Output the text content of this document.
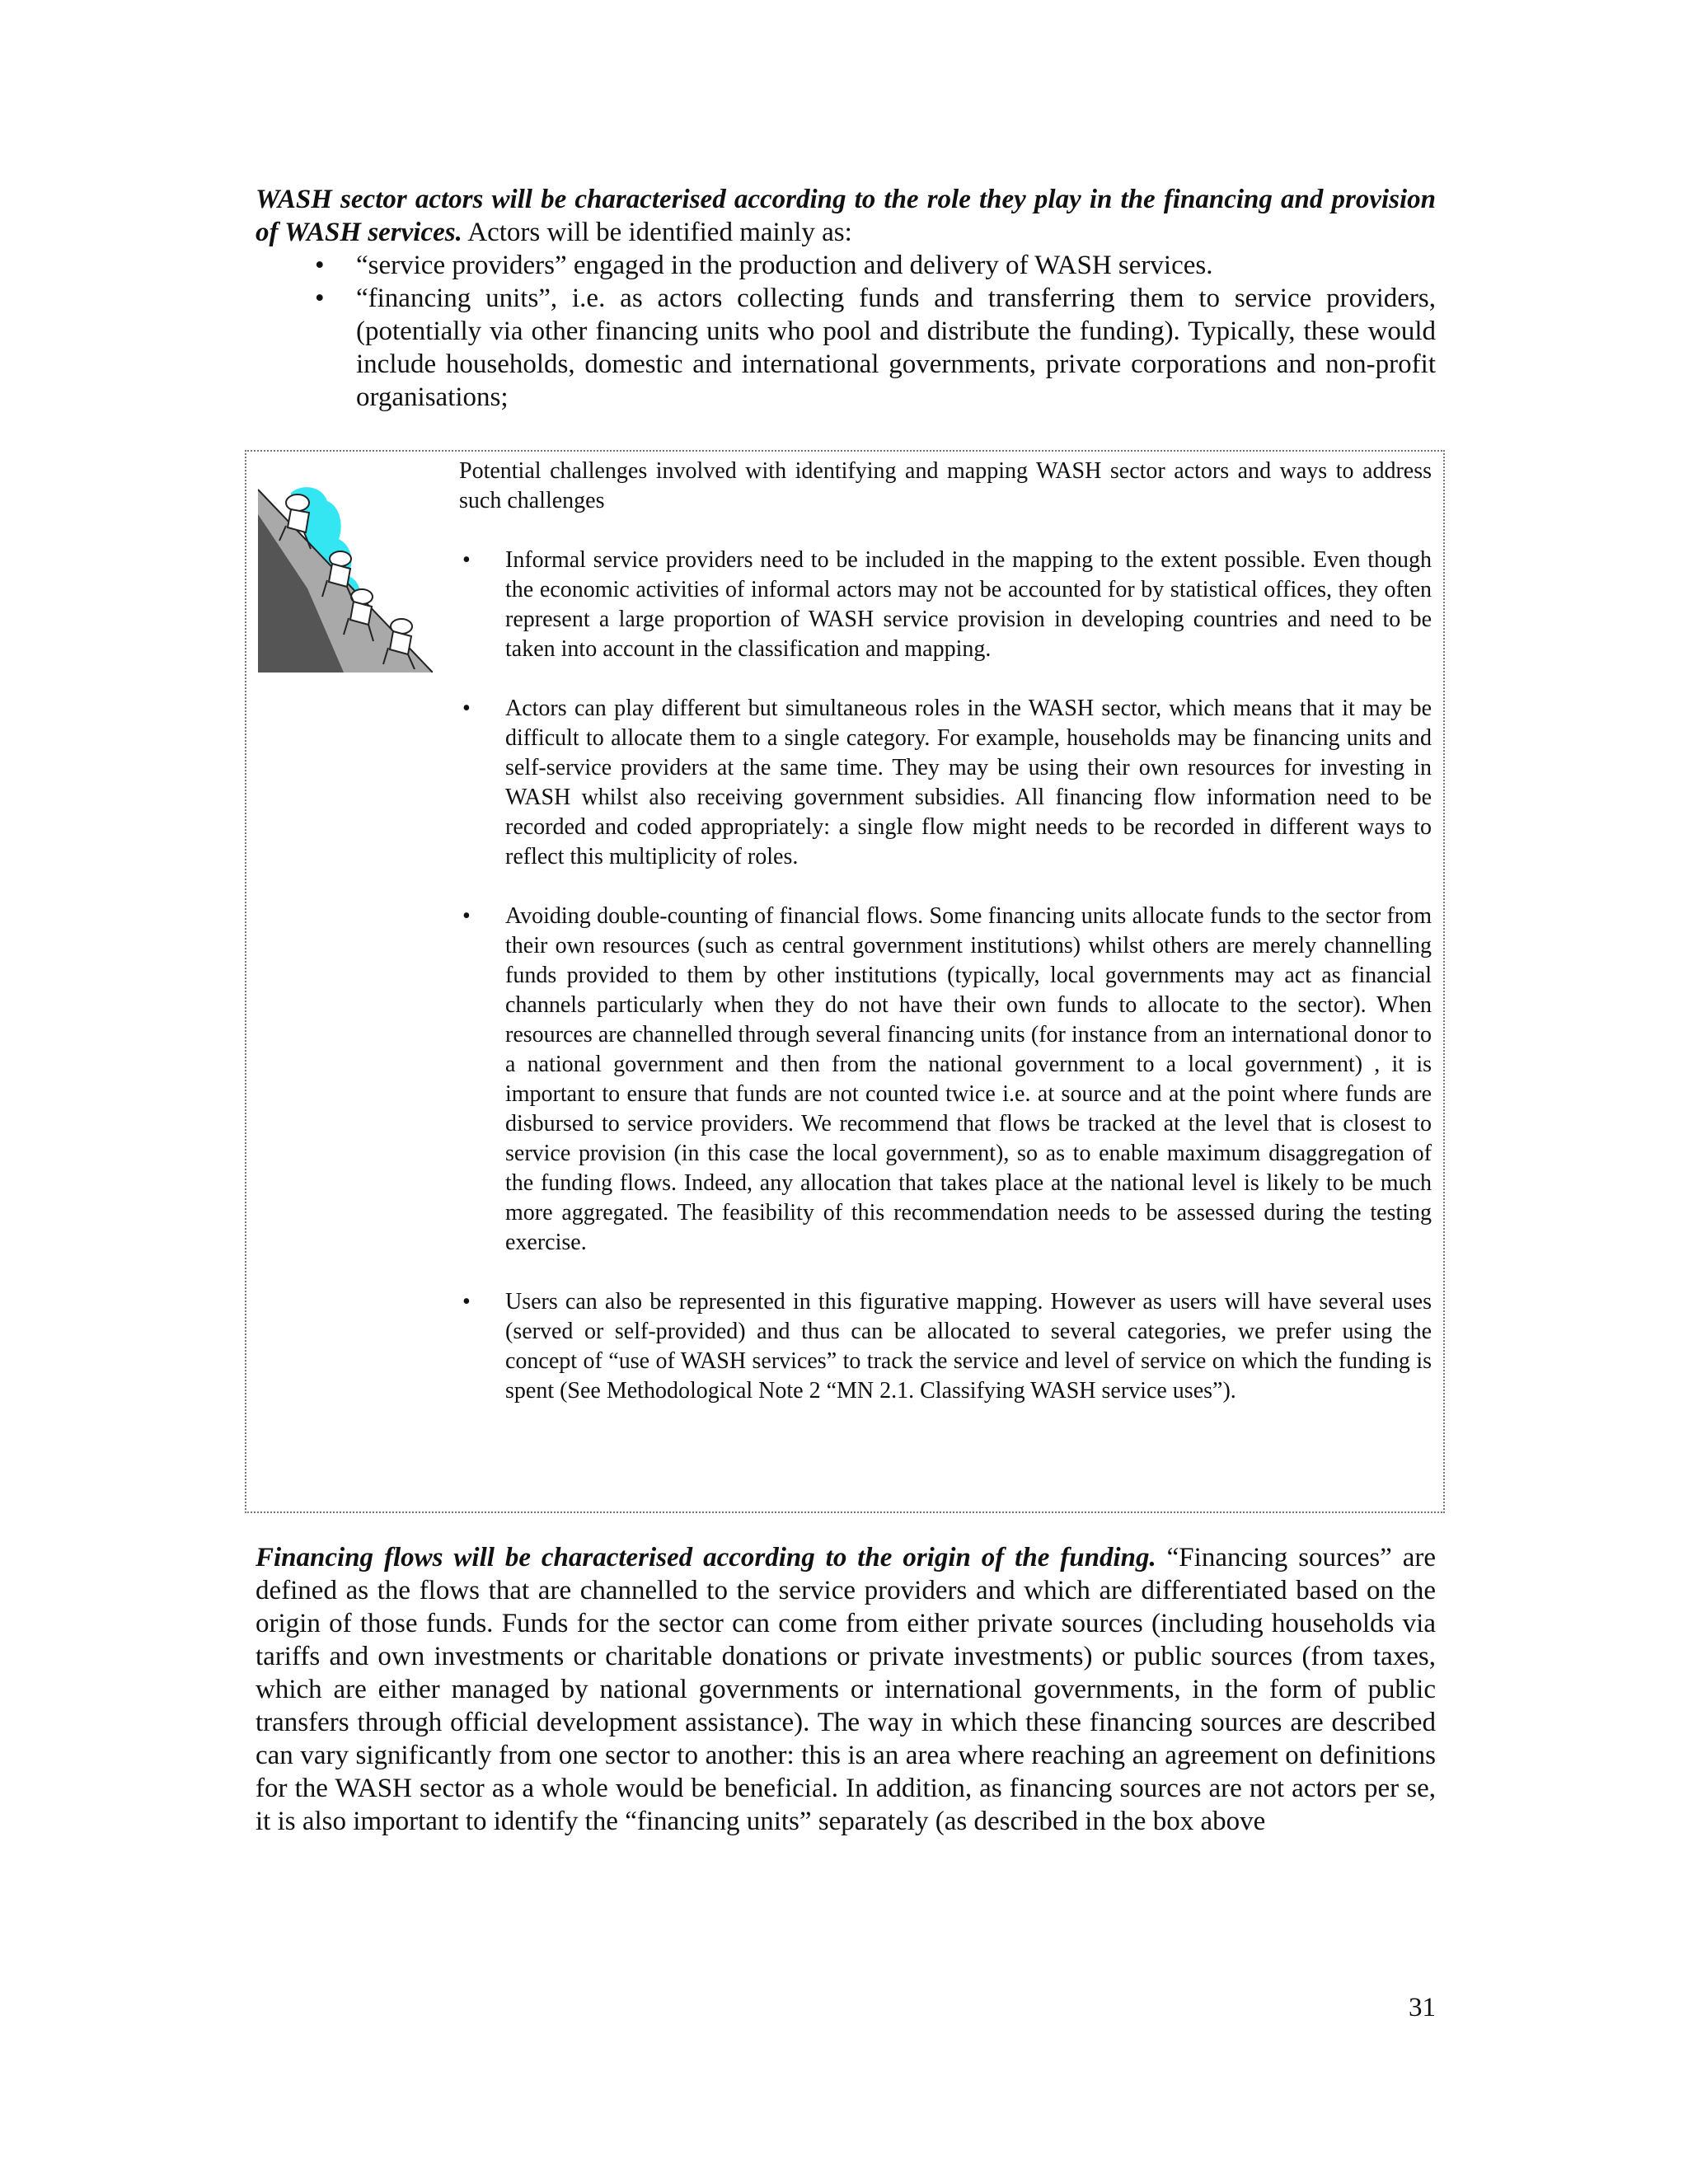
WASH sector actors will be characterised according to the role they play in the financing and provision of WASH services. Actors will be identified mainly as:

• “service providers” engaged in the production and delivery of WASH services.
• “financing units”, i.e. as actors collecting funds and transferring them to service providers, (potentially via other financing units who pool and distribute the funding). Typically, these would include households, domestic and international governments, private corporations and non-profit organisations;

Potential challenges involved with identifying and mapping WASH sector actors and ways to address such challenges

• Informal service providers need to be included in the mapping to the extent possible. Even though the economic activities of informal actors may not be accounted for by statistical offices, they often represent a large proportion of WASH service provision in developing countries and need to be taken into account in the classification and mapping.
• Actors can play different but simultaneous roles in the WASH sector, which means that it may be difficult to allocate them to a single category. For example, households may be financing units and self-service providers at the same time. They may be using their own resources for investing in WASH whilst also receiving government subsidies. All financing flow information need to be recorded and coded appropriately: a single flow might needs to be recorded in different ways to reflect this multiplicity of roles.
• Avoiding double-counting of financial flows. Some financing units allocate funds to the sector from their own resources (such as central government institutions) whilst others are merely channelling funds provided to them by other institutions (typically, local governments may act as financial channels particularly when they do not have their own funds to allocate to the sector). When resources are channelled through several financing units (for instance from an international donor to a national government and then from the national government to a local government) , it is important to ensure that funds are not counted twice i.e. at source and at the point where funds are disbursed to service providers. We recommend that flows be tracked at the level that is closest to service provision (in this case the local government), so as to enable maximum disaggregation of the funding flows. Indeed, any allocation that takes place at the national level is likely to be much more aggregated. The feasibility of this recommendation needs to be assessed during the testing exercise.
• Users can also be represented in this figurative mapping. However as users will have several uses (served or self-provided) and thus can be allocated to several categories, we prefer using the concept of “use of WASH services” to track the service and level of service on which the funding is spent (See Methodological Note 2 “MN 2.1. Classifying WASH service uses”).

Financing flows will be characterised according to the origin of the funding. “Financing sources” are defined as the flows that are channelled to the service providers and which are differentiated based on the origin of those funds. Funds for the sector can come from either private sources (including households via tariffs and own investments or charitable donations or private investments) or public sources (from taxes, which are either managed by national governments or international governments, in the form of public transfers through official development assistance). The way in which these financing sources are described can vary significantly from one sector to another: this is an area where reaching an agreement on definitions for the WASH sector as a whole would be beneficial. In addition, as financing sources are not actors per se, it is also important to identify the “financing units” separately (as described in the box above

31
